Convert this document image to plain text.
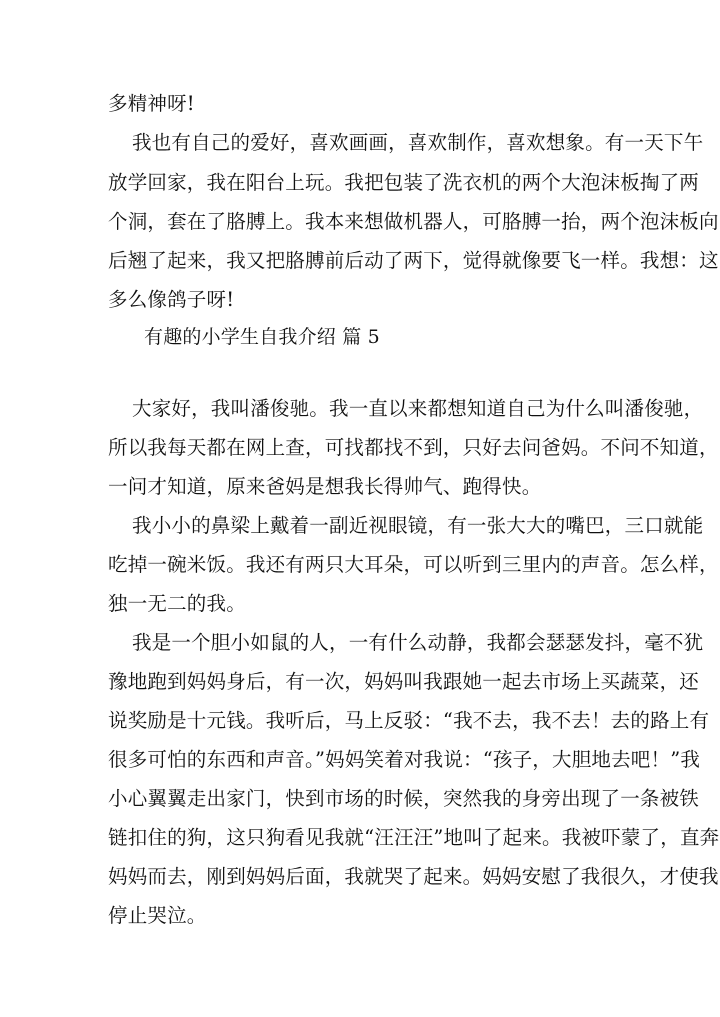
多精神呀!
我也有自己的爱好，喜欢画画，喜欢制作，喜欢想象。有一天下午
放学回家，我在阳台上玩。我把包装了洗衣机的两个大泡沫板掏了两
个洞，套在了胳膊上。我本来想做机器人，可胳膊一抬，两个泡沫板向
后翘了起来，我又把胳膊前后动了两下，觉得就像要飞一样。我想：这
多么像鸽子呀!
有趣的小学生自我介绍 篇 5
大家好，我叫潘俊驰。我一直以来都想知道自己为什么叫潘俊驰，
所以我每天都在网上查，可找都找不到，只好去问爸妈。不问不知道，
一问才知道，原来爸妈是想我长得帅气、跑得快。
我小小的鼻梁上戴着一副近视眼镜，有一张大大的嘴巴，三口就能
吃掉一碗米饭。我还有两只大耳朵，可以听到三里内的声音。怎么样，
独一无二的我。
我是一个胆小如鼠的人，一有什么动静，我都会瑟瑟发抖，毫不犹
豫地跑到妈妈身后，有一次，妈妈叫我跟她一起去市场上买蔬菜，还
说奖励是十元钱。我听后，马上反驳：“我不去，我不去！去的路上有
很多可怕的东西和声音。”妈妈笑着对我说：“孩子，大胆地去吧！”我
小心翼翼走出家门，快到市场的时候，突然我的身旁出现了一条被铁
链扣住的狗，这只狗看见我就“汪汪汪”地叫了起来。我被吓蒙了，直奔
妈妈而去，刚到妈妈后面，我就哭了起来。妈妈安慰了我很久，才使我
停止哭泣。
